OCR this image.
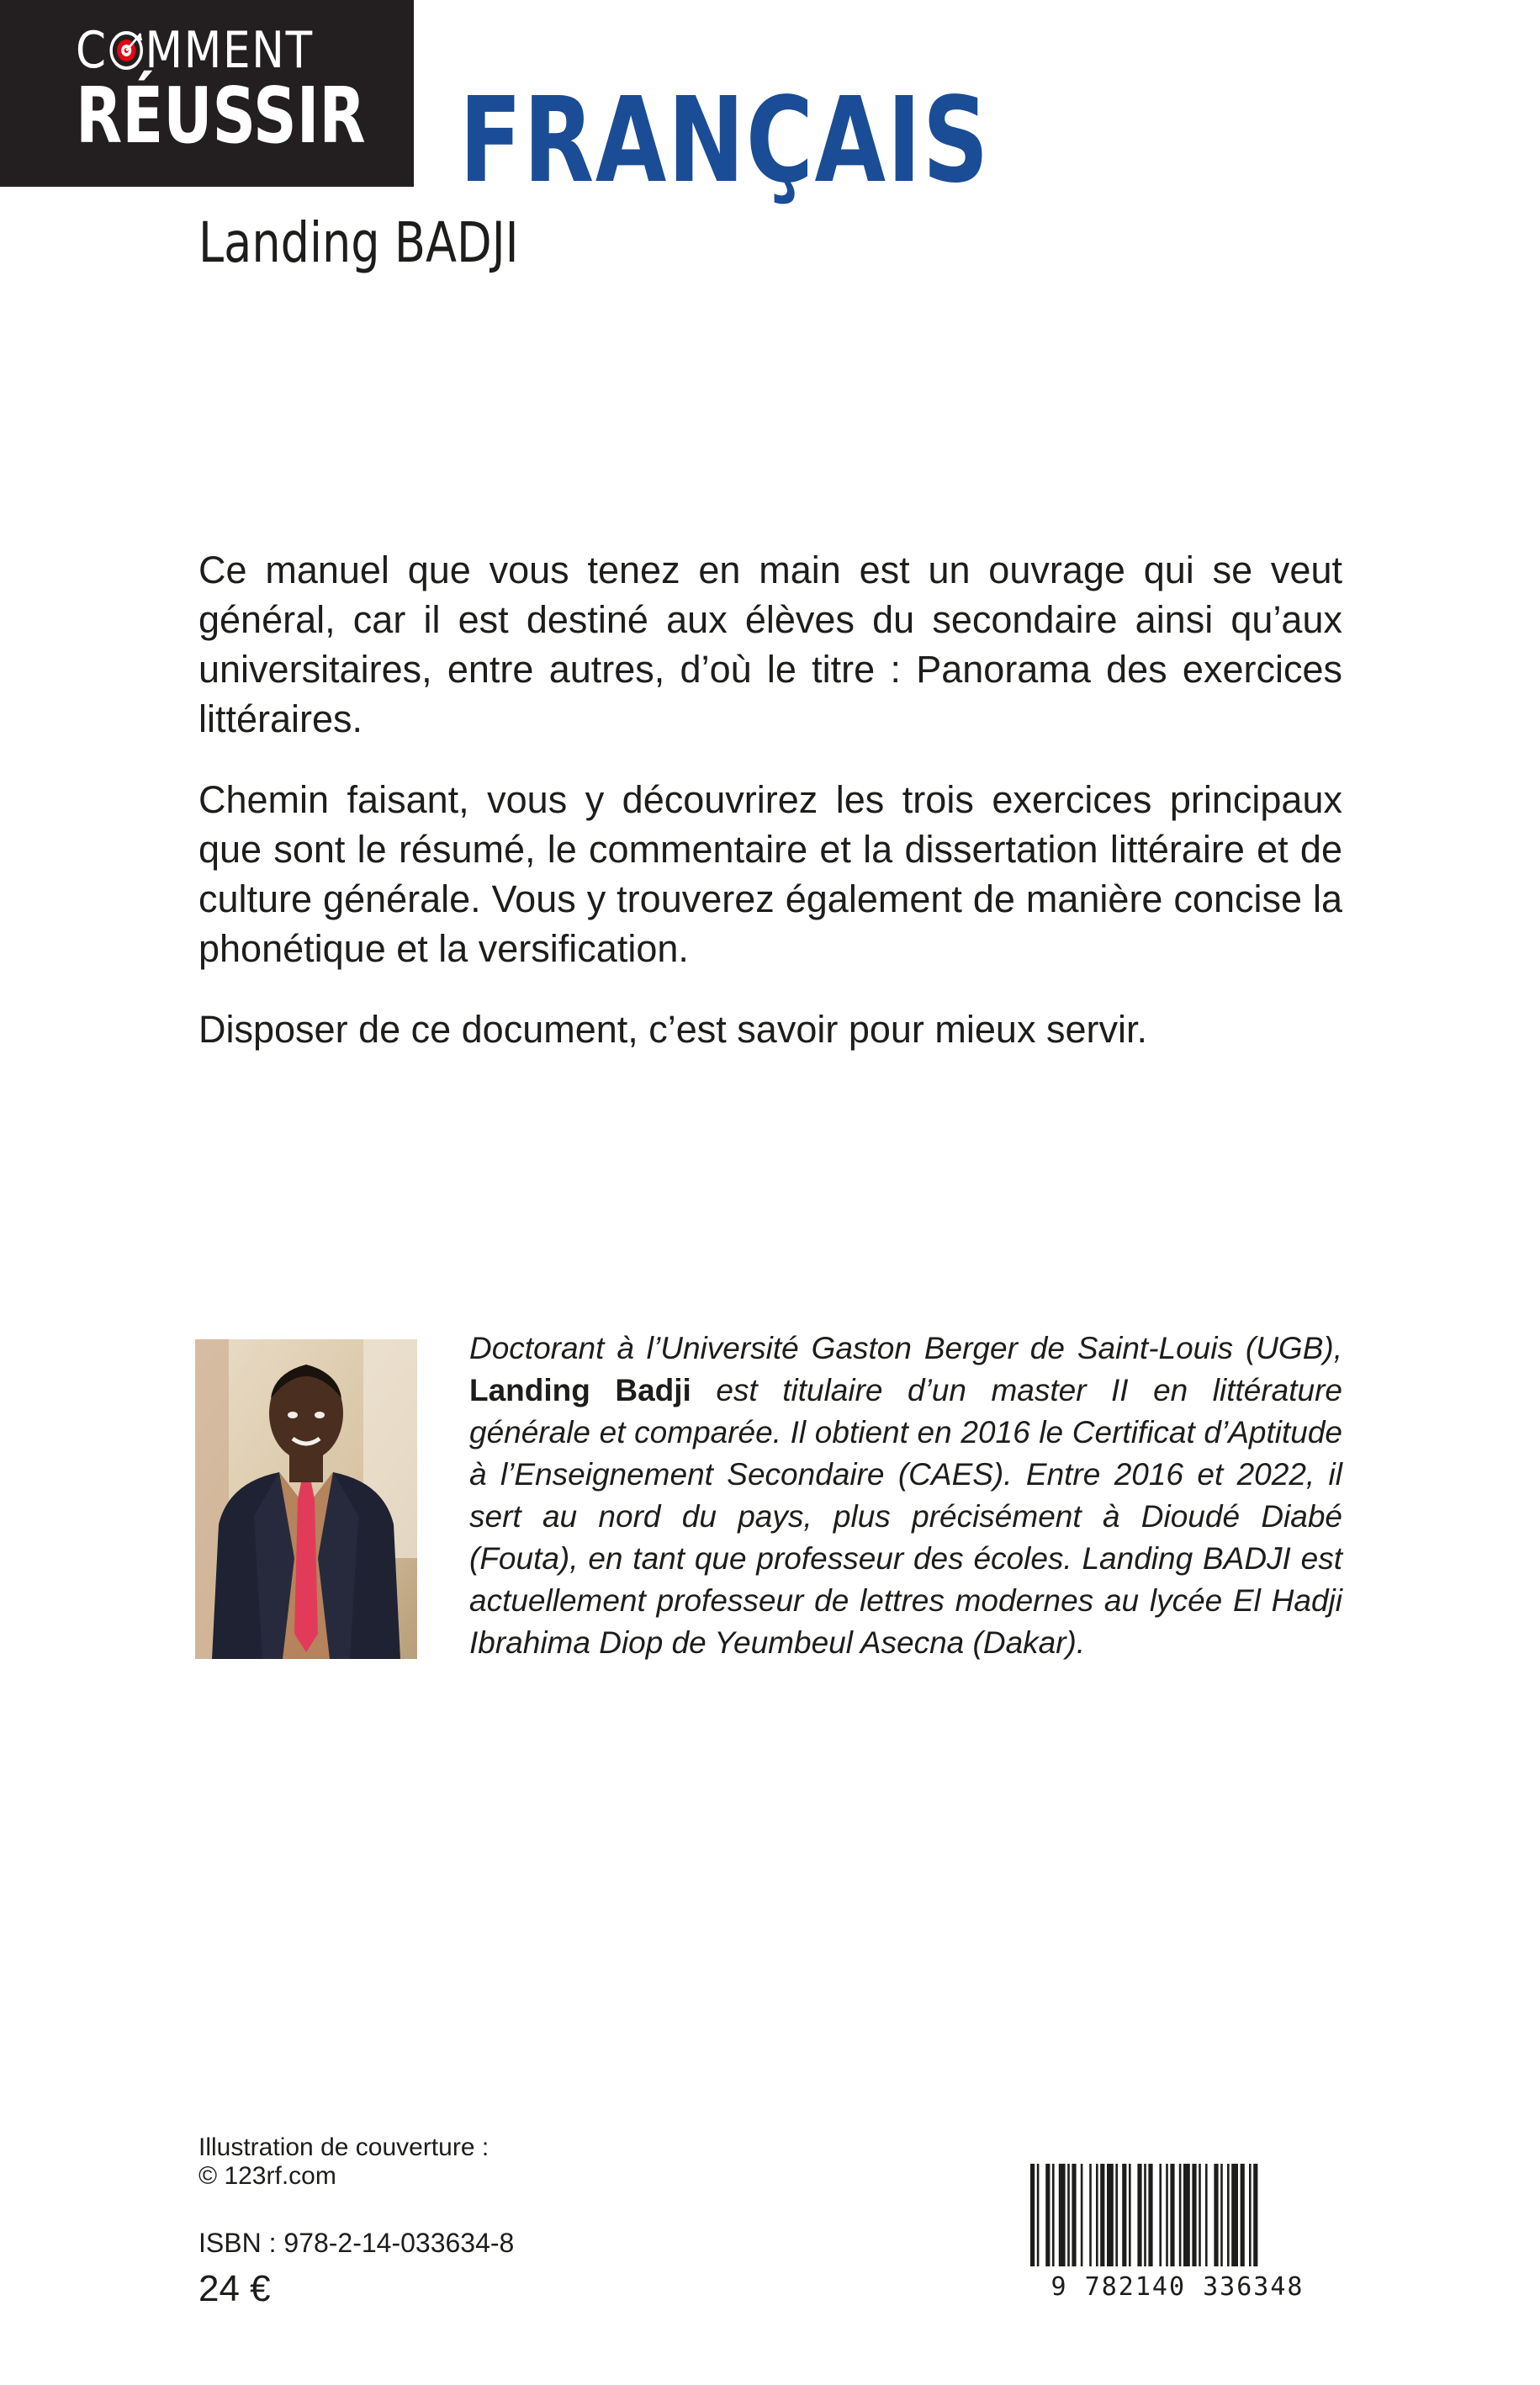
C MMENT
RÉUSSIR FRANÇAIS
Landing BADJI

Ce manuel que vous tenez en main est un ouvrage qui se veut général, car il est destiné aux élèves du secondaire ainsi qu’aux universitaires, entre autres, d’où le titre : Panorama des exercices littéraires.

Chemin faisant, vous y découvrirez les trois exercices principaux que sont le résumé, le commentaire et la dissertation littéraire et de culture générale. Vous y trouverez également de manière concise la phonétique et la versification.

Disposer de ce document, c’est savoir pour mieux servir.

Doctorant à l’Université Gaston Berger de Saint-Louis (UGB), Landing Badji est titulaire d’un master II en littérature générale et comparée. Il obtient en 2016 le Certificat d’Aptitude à l’Enseignement Secondaire (CAES). Entre 2016 et 2022, il sert au nord du pays, plus précisément à Dioudé Diabé (Fouta), en tant que professeur des écoles. Landing BADJI est actuellement professeur de lettres modernes au lycée El Hadji Ibrahima Diop de Yeumbeul Asecna (Dakar).
Illustration de couverture :
© 123rf.com
ISBN : 978-2-14-033634-8
24 €	9 782140 336348
